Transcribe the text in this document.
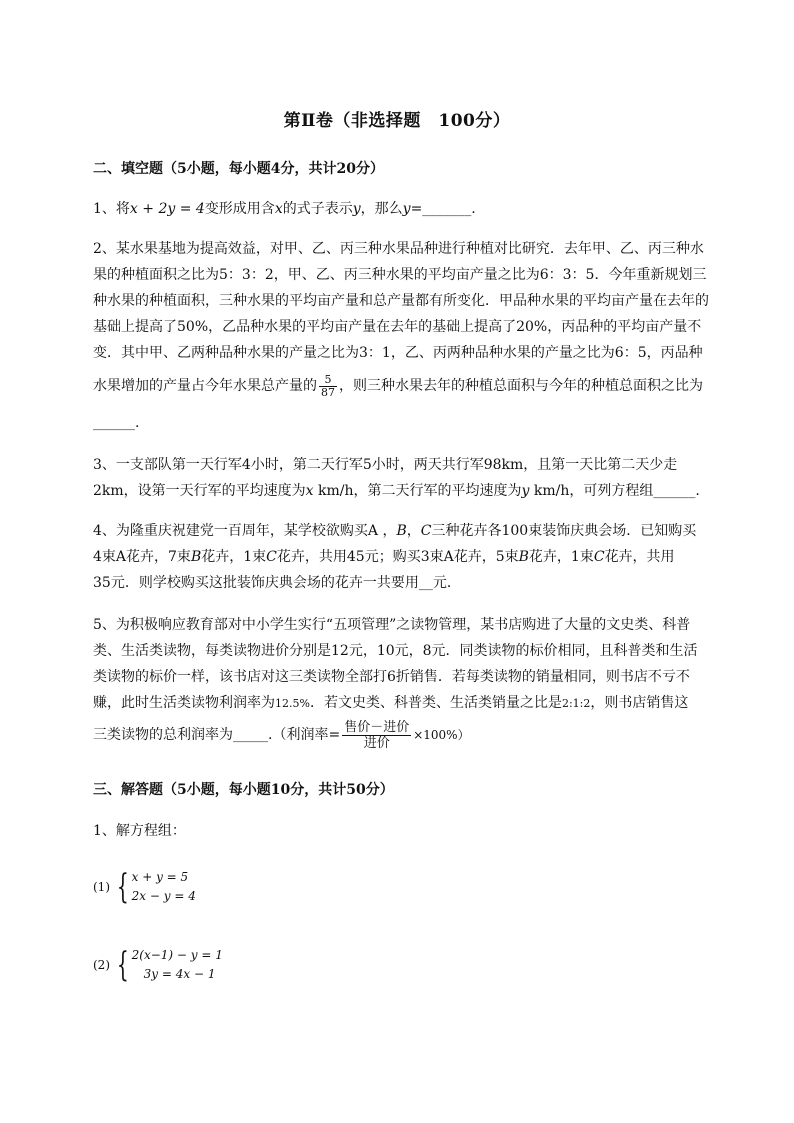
第Ⅱ卷（非选择题　100分）
二、填空题（5小题，每小题4分，共计20分）
1、将x + 2y = 4变形成用含x的式子表示y，那么y=_______.
2、某水果基地为提高效益，对甲、乙、丙三种水果品种进行种植对比研究．去年甲、乙、丙三种水
果的种植面积之比为5：3：2，甲、乙、丙三种水果的平均亩产量之比为6：3：5．今年重新规划三
种水果的种植面积，三种水果的平均亩产量和总产量都有所变化．甲品种水果的平均亩产量在去年的
基础上提高了50%，乙品种水果的平均亩产量在去年的基础上提高了20%，丙品种的平均亩产量不
变．其中甲、乙两种品种水果的产量之比为3：1，乙、丙两种品种水果的产量之比为6：5，丙品种
水果增加的产量占今年水果总产量的 $\frac{5}{87}$ ，则三种水果去年的种植总面积与今年的种植总面积之比为
______.
3、一支部队第一天行军4小时，第二天行军5小时，两天共行军98km，且第一天比第二天少走
2km，设第一天行军的平均速度为x km/h，第二天行军的平均速度为y km/h，可列方程组______.
4、为隆重庆祝建党一百周年，某学校欲购买A ，B，C三种花卉各100束装饰庆典会场．已知购买
4束A花卉，7束B花卉，1束C花卉，共用45元；购买3束A花卉，5束B花卉，1束C花卉，共用
35元．则学校购买这批装饰庆典会场的花卉一共要用__元．
5、为积极响应教育部对中小学生实行“五项管理”之读物管理，某书店购进了大量的文史类、科普
类、生活类读物，每类读物进价分别是12元，10元，8元．同类读物的标价相同，且科普类和生活
类读物的标价一样，该书店对这三类读物全部打6折销售．若每类读物的销量相同，则书店不亏不
赚，此时生活类读物利润率为12.5%．若文史类、科普类、生活类销量之比是2:1:2，则书店销售这
三类读物的总利润率为_____.（利润率= $\frac{\text{售价－进价}}{\text{进价}} \times 100\%$）
三、解答题（5小题，每小题10分，共计50分）
1、解方程组：
(1) { x + y = 5
2x − y = 4
(2) { 2(x−1) − y = 1
3y = 4x − 1
